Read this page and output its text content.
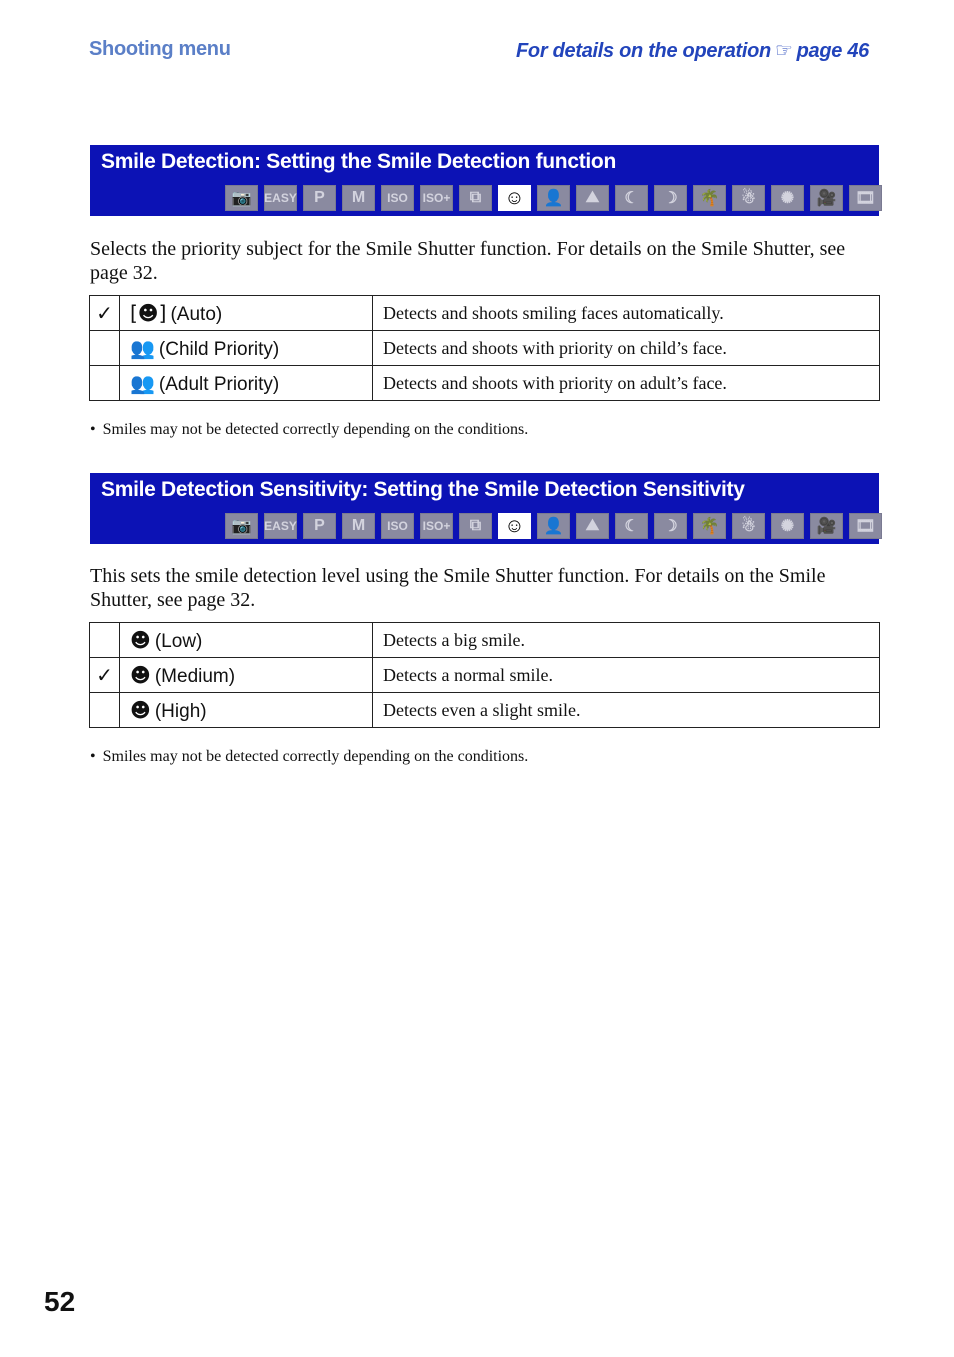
Shooting menu	For details on the operation ☞ page 46
Smile Detection: Setting the Smile Detection function
📷	EASY	P	M	ISO	ISO+	⧉	☺	👤	⛰	☾	☽	🌴	☃	✺	🎥	🎞

Selects the priority subject for the Smile Shutter function. For details on the Smile Shutter, see page 32.

✓	[☻] (Auto)	Detects and shoots smiling faces automatically.
	👥 (Child Priority)	Detects and shoots with priority on child’s face.
	👥 (Adult Priority)	Detects and shoots with priority on adult’s face.
• Smiles may not be detected correctly depending on the conditions.
Smile Detection Sensitivity: Setting the Smile Detection Sensitivity
📷	EASY	P	M	ISO	ISO+	⧉	☺	👤	⛰	☾	☽	🌴	☃	✺	🎥	🎞

This sets the smile detection level using the Smile Shutter function. For details on the Smile Shutter, see page 32.

	☻ (Low)	Detects a big smile.
✓	☻ (Medium)	Detects a normal smile.
	☻ (High)	Detects even a slight smile.
• Smiles may not be detected correctly depending on the conditions.
52
